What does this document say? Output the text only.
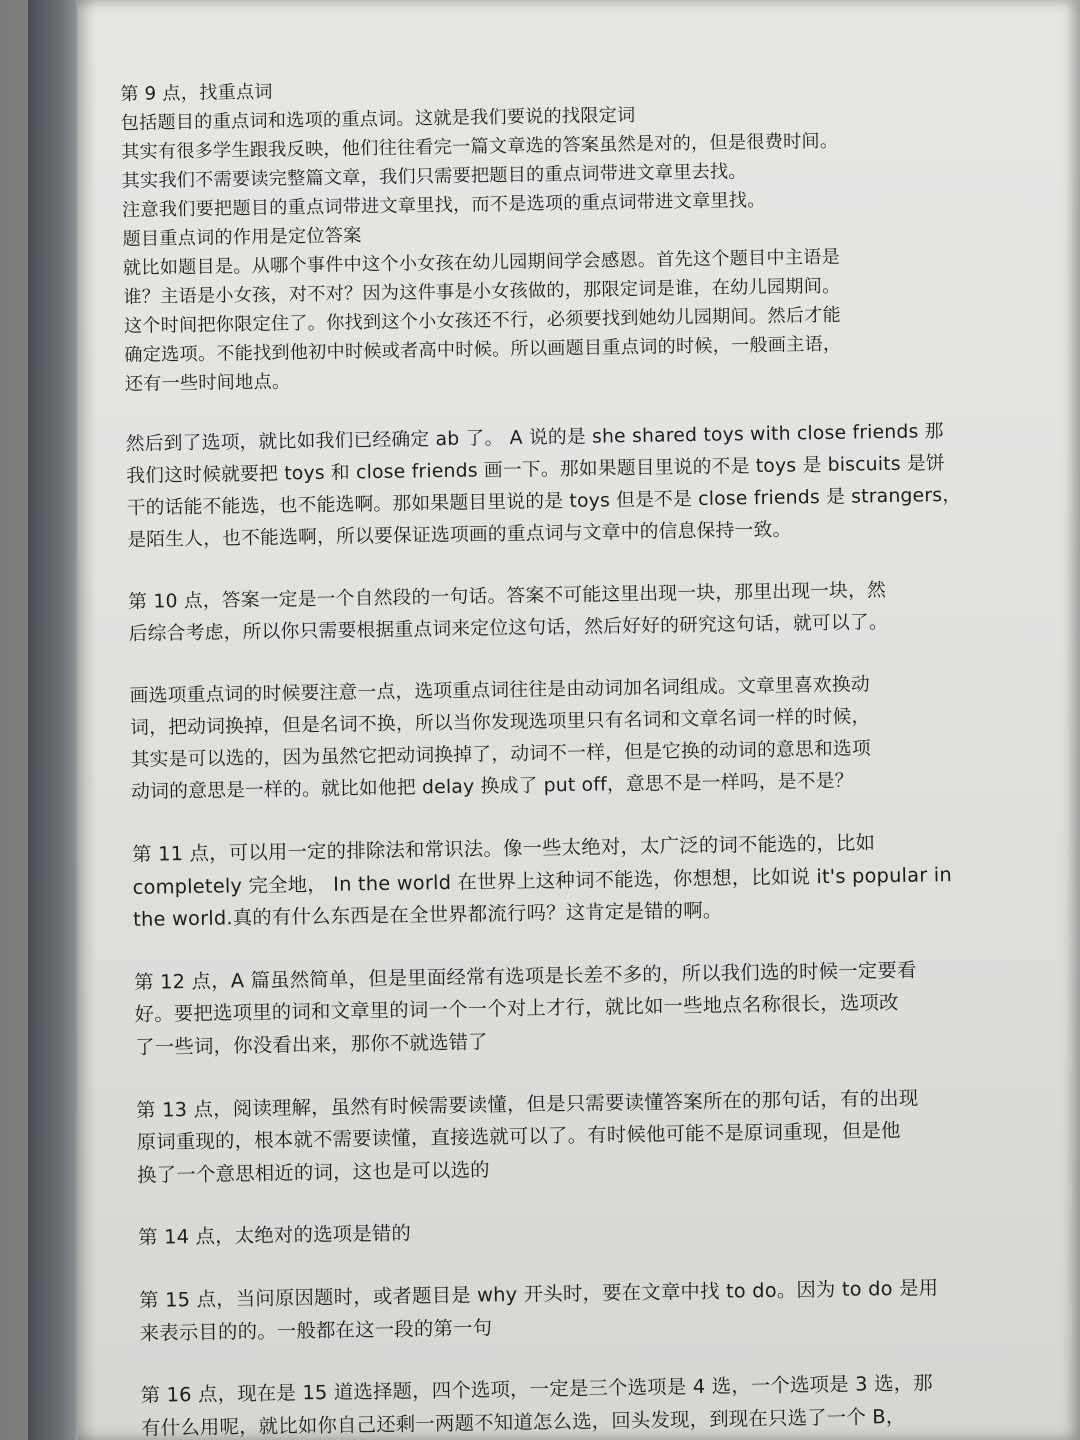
第 9 点，找重点词
包括题目的重点词和选项的重点词。这就是我们要说的找限定词
其实有很多学生跟我反映，他们往往看完一篇文章选的答案虽然是对的，但是很费时间。
其实我们不需要读完整篇文章，我们只需要把题目的重点词带进文章里去找。
注意我们要把题目的重点词带进文章里找，而不是选项的重点词带进文章里找。
题目重点词的作用是定位答案
就比如题目是。从哪个事件中这个小女孩在幼儿园期间学会感恩。首先这个题目中主语是
谁？主语是小女孩，对不对？因为这件事是小女孩做的，那限定词是谁，在幼儿园期间。
这个时间把你限定住了。你找到这个小女孩还不行，必须要找到她幼儿园期间。然后才能
确定选项。不能找到他初中时候或者高中时候。所以画题目重点词的时候，一般画主语，
还有一些时间地点。
然后到了选项，就比如我们已经确定 ab 了。 A 说的是 she shared toys with close friends 那
我们这时候就要把 toys 和 close friends 画一下。那如果题目里说的不是 toys 是 biscuits 是饼
干的话能不能选，也不能选啊。那如果题目里说的是 toys 但是不是 close friends 是 strangers，
是陌生人，也不能选啊，所以要保证选项画的重点词与文章中的信息保持一致。
第 10 点，答案一定是一个自然段的一句话。答案不可能这里出现一块，那里出现一块，然
后综合考虑，所以你只需要根据重点词来定位这句话，然后好好的研究这句话，就可以了。
画选项重点词的时候要注意一点，选项重点词往往是由动词加名词组成。文章里喜欢换动
词，把动词换掉，但是名词不换，所以当你发现选项里只有名词和文章名词一样的时候，
其实是可以选的，因为虽然它把动词换掉了，动词不一样，但是它换的动词的意思和选项
动词的意思是一样的。就比如他把 delay 换成了 put off，意思不是一样吗，是不是？
第 11 点，可以用一定的排除法和常识法。像一些太绝对，太广泛的词不能选的，比如
completely 完全地， In the world 在世界上这种词不能选，你想想，比如说 it's popular in
the world.真的有什么东西是在全世界都流行吗？这肯定是错的啊。
第 12 点，A 篇虽然简单，但是里面经常有选项是长差不多的，所以我们选的时候一定要看
好。要把选项里的词和文章里的词一个一个对上才行，就比如一些地点名称很长，选项改
了一些词，你没看出来，那你不就选错了
第 13 点，阅读理解，虽然有时候需要读懂，但是只需要读懂答案所在的那句话，有的出现
原词重现的，根本就不需要读懂，直接选就可以了。有时候他可能不是原词重现，但是他
换了一个意思相近的词，这也是可以选的
第 14 点，太绝对的选项是错的
第 15 点，当问原因题时，或者题目是 why 开头时，要在文章中找 to do。因为 to do 是用
来表示目的的。一般都在这一段的第一句
第 16 点，现在是 15 道选择题，四个选项，一定是三个选项是 4 选，一个选项是 3 选，那
有什么用呢，就比如你自己还剩一两题不知道怎么选，回头发现，到现在只选了一个 B，
